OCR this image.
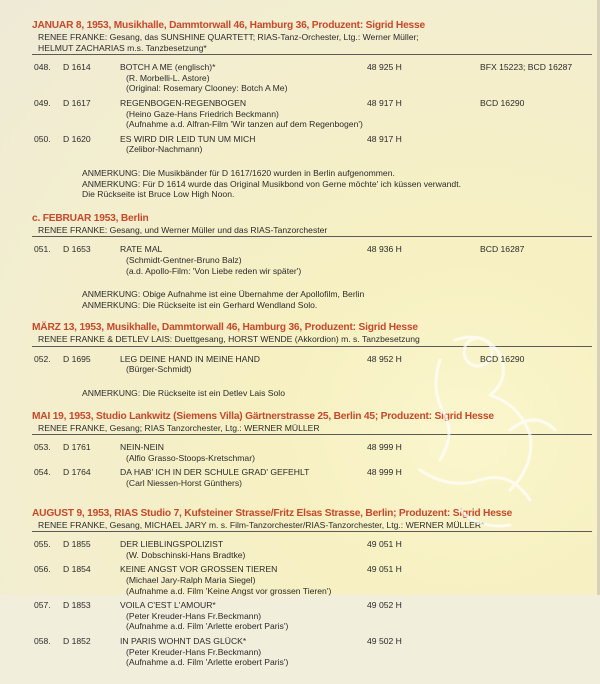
JANUAR 8, 1953, Musikhalle, Dammtorwall 46, Hamburg 36, Produzent: Sigrid Hesse
RENEE FRANKE: Gesang, das SUNSHINE QUARTETT; RIAS-Tanz-Orchester, Ltg.: Werner Müller;
HELMUT ZACHARIAS m.s. Tanzbesetzung*
048. D 1614	BOTCH A ME (englisch)*	48 925 H	BFX 15223; BCD 16287
(R. Morbelli-L. Astore)
(Original: Rosemary Clooney: Botch A Me)
049. D 1617	REGENBOGEN-REGENBOGEN	48 917 H	BCD 16290
(Heino Gaze-Hans Friedrich Beckmann)
(Aufnahme a.d. Alfran-Film 'Wir tanzen auf dem Regenbogen')
050. D 1620	ES WIRD DIR LEID TUN UM MICH	48 917 H
(Zelibor-Nachmann)
ANMERKUNG: Die Musikbänder für D 1617/1620 wurden in Berlin aufgenommen.
ANMERKUNG: Für D 1614 wurde das Original Musikbond von Gerne möchte' ich küssen verwandt.
Die Rückseite ist Bruce Low High Noon.
c. FEBRUAR 1953, Berlin
RENEE FRANKE: Gesang, und Werner Müller und das RIAS-Tanzorchester
051. D 1653	RATE MAL	48 936 H	BCD 16287
(Schmidt-Gentner-Bruno Balz)
(a.d. Apollo-Film: 'Von Liebe reden wir später')
ANMERKUNG: Obige Aufnahme ist eine Übernahme der Apollofilm, Berlin
ANMERKUNG: Die Rückseite ist ein Gerhard Wendland Solo.
MÄRZ 13, 1953, Musikhalle, Dammtorwall 46, Hamburg 36, Produzent: Sigrid Hesse
RENEE FRANKE & DETLEV LAIS: Duettgesang, HORST WENDE (Akkordion) m. s. Tanzbesetzung
052. D 1695	LEG DEINE HAND IN MEINE HAND	48 952 H	BCD 16290
(Bürger-Schmidt)
ANMERKUNG: Die Rückseite ist ein Detlev Lais Solo
MAI 19, 1953, Studio Lankwitz (Siemens Villa) Gärtnerstrasse 25, Berlin 45; Produzent: Sigrid Hesse
RENEE FRANKE, Gesang; RIAS Tanzorchester, Ltg.: WERNER MÜLLER
053. D 1761	NEIN-NEIN	48 999 H
(Alfio Grasso-Stoops-Kretschmar)
054. D 1764	DA HAB' ICH IN DER SCHULE GRAD' GEFEHLT	48 999 H
(Carl Niessen-Horst Günthers)
AUGUST 9, 1953, RIAS Studio 7, Kufsteiner Strasse/Fritz Elsas Strasse, Berlin; Produzent: Sigrid Hesse
RENEE FRANKE, Gesang, MICHAEL JARY m. s. Film-Tanzorchester/RIAS-Tanzorchester, Ltg.: WERNER MÜLLER*
055. D 1855	DER LIEBLINGSPOLIZIST	49 051 H
(W. Dobschinski-Hans Bradtke)
056. D 1854	KEINE ANGST VOR GROSSEN TIEREN	49 051 H
(Michael Jary-Ralph Maria Siegel)
(Aufnahme a.d. Film 'Keine Angst vor grossen Tieren')
057. D 1853	VOILA C'EST L'AMOUR*	49 052 H
(Peter Kreuder-Hans Fr.Beckmann)
(Aufnahme a.d. Film 'Arlette erobert Paris')
058. D 1852	IN PARIS WOHNT DAS GLÜCK*	49 502 H
(Peter Kreuder-Hans Fr.Beckmann)
(Aufnahme a.d. Film 'Arlette erobert Paris')
